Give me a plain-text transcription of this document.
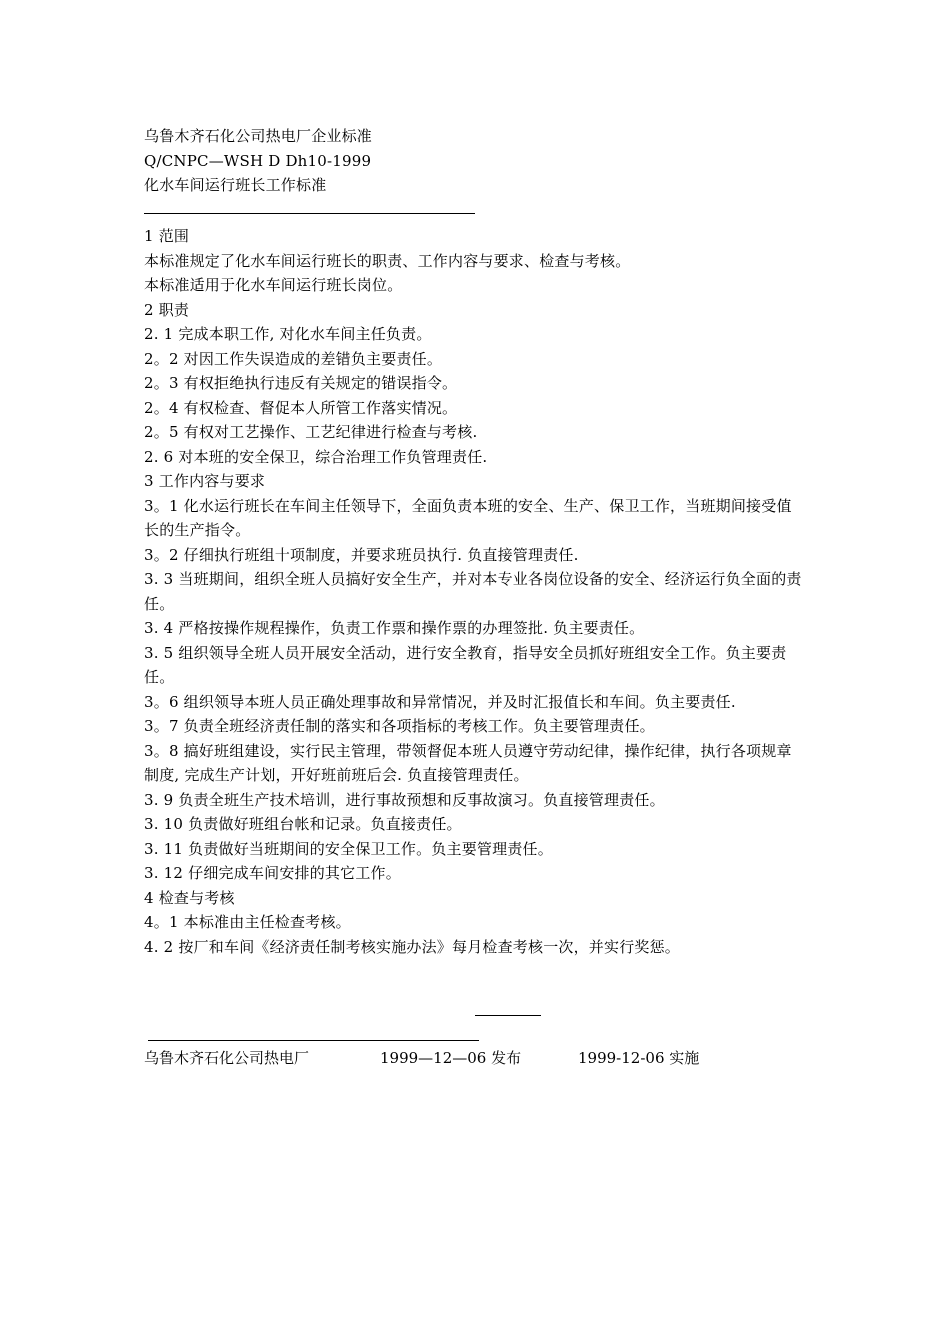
乌鲁木齐石化公司热电厂企业标准
Q/CNPC—WSH D Dh10-1999
化水车间运行班长工作标准
1 范围
本标准规定了化水车间运行班长的职责、工作内容与要求、检查与考核。
本标准适用于化水车间运行班长岗位。
2 职责
2. 1 完成本职工作, 对化水车间主任负责。
2。2 对因工作失误造成的差错负主要责任。
2。3 有权拒绝执行违反有关规定的错误指令。
2。4 有权检查、督促本人所管工作落实情况。
2。5 有权对工艺操作、工艺纪律进行检查与考核.
2. 6 对本班的安全保卫，综合治理工作负管理责任.
3 工作内容与要求
3。1 化水运行班长在车间主任领导下，全面负责本班的安全、生产、保卫工作，当班期间接受值长的生产指令。
3。2 仔细执行班组十项制度，并要求班员执行. 负直接管理责任.
3. 3 当班期间，组织全班人员搞好安全生产，并对本专业各岗位设备的安全、经济运行负全面的责任。
3. 4 严格按操作规程操作，负责工作票和操作票的办理签批. 负主要责任。
3. 5 组织领导全班人员开展安全活动，进行安全教育，指导安全员抓好班组安全工作。负主要责任。
3。6 组织领导本班人员正确处理事故和异常情况，并及时汇报值长和车间。负主要责任.
3。7 负责全班经济责任制的落实和各项指标的考核工作。负主要管理责任。
3。8 搞好班组建设，实行民主管理，带领督促本班人员遵守劳动纪律，操作纪律，执行各项规章制度, 完成生产计划，开好班前班后会. 负直接管理责任。
3. 9 负责全班生产技术培训，进行事故预想和反事故演习。负直接管理责任。
3. 10 负责做好班组台帐和记录。负直接责任。
3. 11 负责做好当班期间的安全保卫工作。负主要管理责任。
3. 12 仔细完成车间安排的其它工作。
4 检查与考核
4。1 本标准由主任检查考核。
4. 2 按厂和车间《经济责任制考核实施办法》每月检查考核一次，并实行奖惩。
乌鲁木齐石化公司热电厂	1999—12—06 发布	1999-12-06 实施
